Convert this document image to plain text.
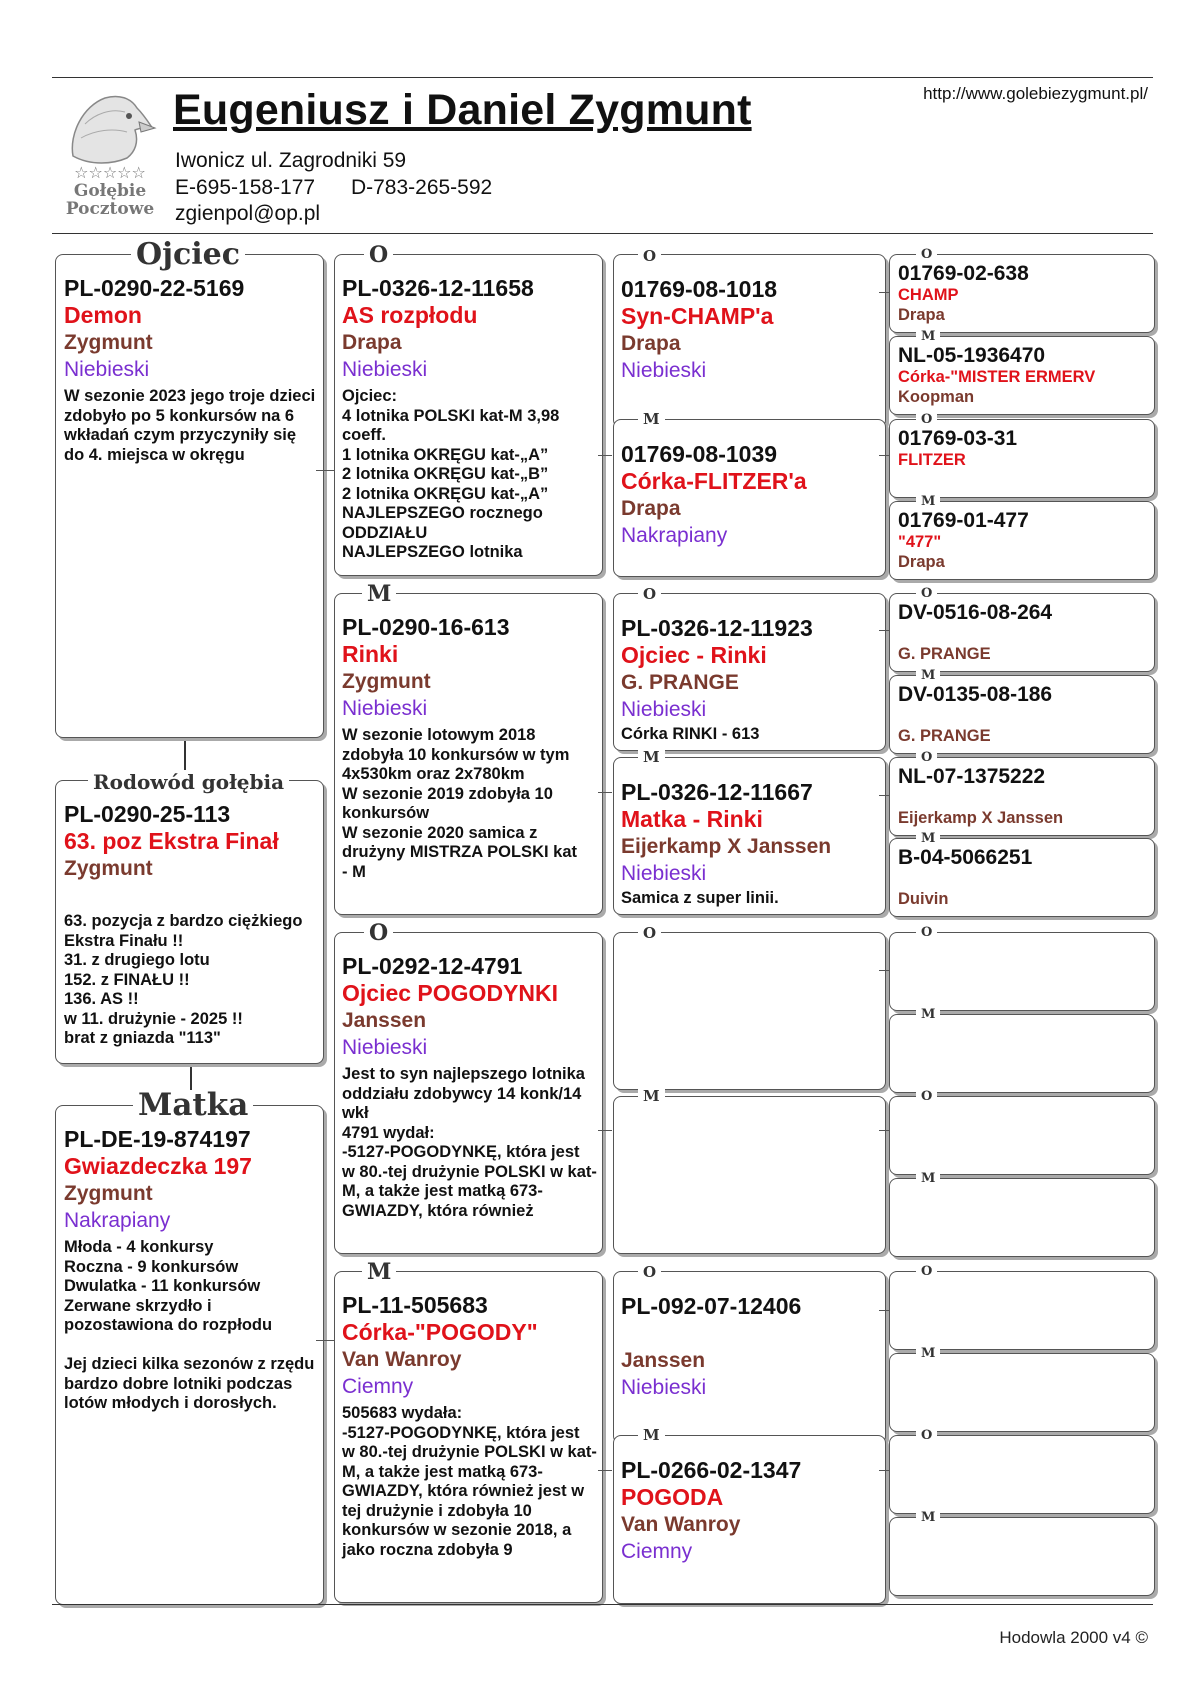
http://www.golebiezygmunt.pl/
☆☆☆☆☆
Gołębie
Pocztowe
Eugeniusz i Daniel Zygmunt
Iwonicz ul. Zagrodniki 59
E-695-158-177 D-783-265-592
zgienpol@op.pl
PL-0290-22-5169
Demon
Zygmunt
Niebieski
W sezonie 2023 jego troje dzieci zdobyło po 5 konkursów na 6 wkładań czym przyczyniły się do 4. miejsca w okręgu
Ojciec
PL-0290-25-113
63. poz Ekstra Finał
Zygmunt
63. pozycja z bardzo ciężkiego Ekstra Finału !!
31. z drugiego lotu
152. z FINAŁU !!
136. AS !!
w 11. drużynie - 2025 !!
brat z gniazda "113"
Rodowód gołębia
PL-DE-19-874197
Gwiazdeczka 197
Zygmunt
Nakrapiany
Młoda - 4 konkursy
Roczna - 9 konkursów
Dwulatka - 11 konkursów
Zerwane skrzydło i pozostawiona do rozpłodu

Jej dzieci kilka sezonów z rzędu bardzo dobre lotniki podczas lotów młodych i dorosłych.
Matka
PL-0326-12-11658
AS rozpłodu
Drapa
Niebieski
Ojciec:
4 lotnika POLSKI kat-M 3,98 coeff.
1 lotnika OKRĘGU kat-„A”
2 lotnika OKRĘGU kat-„B”
2 lotnika OKRĘGU kat-„A”
NAJLEPSZEGO rocznego ODDZIAŁU
NAJLEPSZEGO lotnika
O
PL-0290-16-613
Rinki
Zygmunt
Niebieski
W sezonie lotowym 2018 zdobyła 10 konkursów w tym 4x530km oraz 2x780km
W sezonie 2019 zdobyła 10 konkursów
W sezonie 2020 samica z drużyny MISTRZA POLSKI kat
- M
M
PL-0292-12-4791
Ojciec POGODYNKI
Janssen
Niebieski
Jest to syn najlepszego lotnika oddziału zdobywcy 14 konk/14 wkł
4791 wydał:
-5127-POGODYNKĘ, która jest
w 80.-tej drużynie POLSKI w kat-M, a także jest matką 673-GWIAZDY, która również
O
PL-11-505683
Córka-"POGODY"
Van Wanroy
Ciemny
505683 wydała:
-5127-POGODYNKĘ, która jest
w 80.-tej drużynie POLSKI w kat-M, a także jest matką 673-GWIAZDY, która również jest w tej drużynie i zdobyła 10 konkursów w sezonie 2018, a jako roczna zdobyła 9
M
01769-08-1018
Syn-CHAMP'a
Drapa
Niebieski
O
01769-08-1039
Córka-FLITZER'a
Drapa
Nakrapiany
M
PL-0326-12-11923
Ojciec - Rinki
G. PRANGE
Niebieski
Córka RINKI - 613
O
PL-0326-12-11667
Matka - Rinki
Eijerkamp X Janssen
Niebieski
Samica z super linii.
M
O
M
PL-092-07-12406
Janssen
Niebieski
O
PL-0266-02-1347
POGODA
Van Wanroy
Ciemny
M
01769-02-638
CHAMP
Drapa
O
NL-05-1936470
Córka-"MISTER ERMERV
Koopman
M
01769-03-31
FLITZER
O
01769-01-477
"477"
Drapa
M
DV-0516-08-264
G. PRANGE
O
DV-0135-08-186
G. PRANGE
M
NL-07-1375222
Eijerkamp X Janssen
O
B-04-5066251
Duivin
M
O
M
O
M
O
M
O
M
Hodowla 2000 v4 ©
